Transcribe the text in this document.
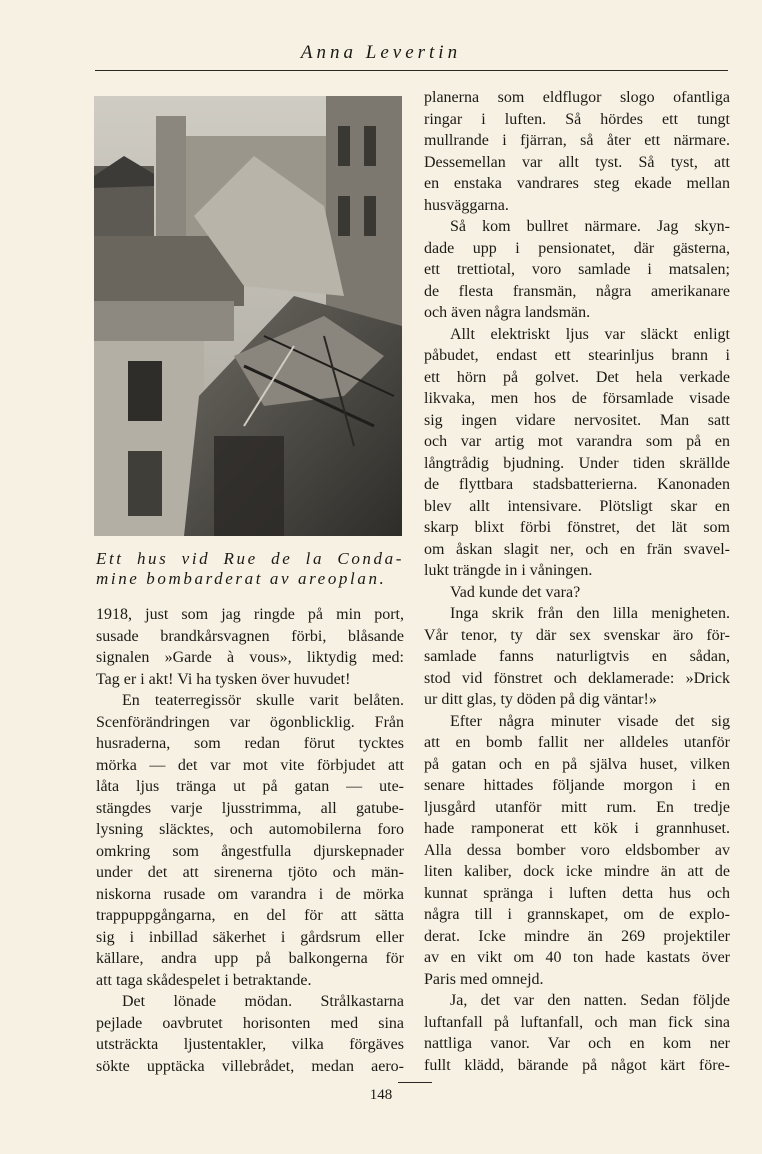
Anna Levertin
Ett hus vid Rue de la Conda-
mine bombarderat av areoplan.

1918, just som jag ringde på min port,

susade brandkårsvagnen förbi, blåsande

signalen »Garde à vous», liktydig med:

Tag er i akt! Vi ha tysken över huvudet!

En teaterregissör skulle varit belåten.

Scenförändringen var ögonblicklig. Från

husraderna, som redan förut tycktes

mörka — det var mot vite förbjudet att

låta ljus tränga ut på gatan — ute-

stängdes varje ljusstrimma, all gatube-

lysning släcktes, och automobilerna foro

omkring som ångestfulla djurskepnader

under det att sirenerna tjöto och män-

niskorna rusade om varandra i de mörka

trappuppgångarna, en del för att sätta

sig i inbillad säkerhet i gårdsrum eller

källare, andra upp på balkongerna för

att taga skådespelet i betraktande.

Det lönade mödan. Strålkastarna

pejlade oavbrutet horisonten med sina

utsträckta ljustentakler, vilka förgäves

sökte upptäcka villebrådet, medan aero-

planerna som eldflugor slogo ofantliga

ringar i luften. Så hördes ett tungt

mullrande i fjärran, så åter ett närmare.

Dessemellan var allt tyst. Så tyst, att

en enstaka vandrares steg ekade mellan

husväggarna.

Så kom bullret närmare. Jag skyn-

dade upp i pensionatet, där gästerna,

ett trettiotal, voro samlade i matsalen;

de flesta fransmän, några amerikanare

och även några landsmän.

Allt elektriskt ljus var släckt enligt

påbudet, endast ett stearinljus brann i

ett hörn på golvet. Det hela verkade

likvaka, men hos de församlade visade

sig ingen vidare nervositet. Man satt

och var artig mot varandra som på en

långtrådig bjudning. Under tiden skrällde

de flyttbara stadsbatterierna. Kanonaden

blev allt intensivare. Plötsligt skar en

skarp blixt förbi fönstret, det lät som

om åskan slagit ner, och en frän svavel-

lukt trängde in i våningen.

Vad kunde det vara?

Inga skrik från den lilla menigheten.

Vår tenor, ty där sex svenskar äro för-

samlade fanns naturligtvis en sådan,

stod vid fönstret och deklamerade: »Drick

ur ditt glas, ty döden på dig väntar!»

Efter några minuter visade det sig

att en bomb fallit ner alldeles utanför

på gatan och en på själva huset, vilken

senare hittades följande morgon i en

ljusgård utanför mitt rum. En tredje

hade ramponerat ett kök i grannhuset.

Alla dessa bomber voro eldsbomber av

liten kaliber, dock icke mindre än att de

kunnat spränga i luften detta hus och

några till i grannskapet, om de explo-

derat. Icke mindre än 269 projektiler

av en vikt om 40 ton hade kastats över

Paris med omnejd.

Ja, det var den natten. Sedan följde

luftanfall på luftanfall, och man fick sina

nattliga vanor. Var och en kom ner

fullt klädd, bärande på något kärt före-

148
